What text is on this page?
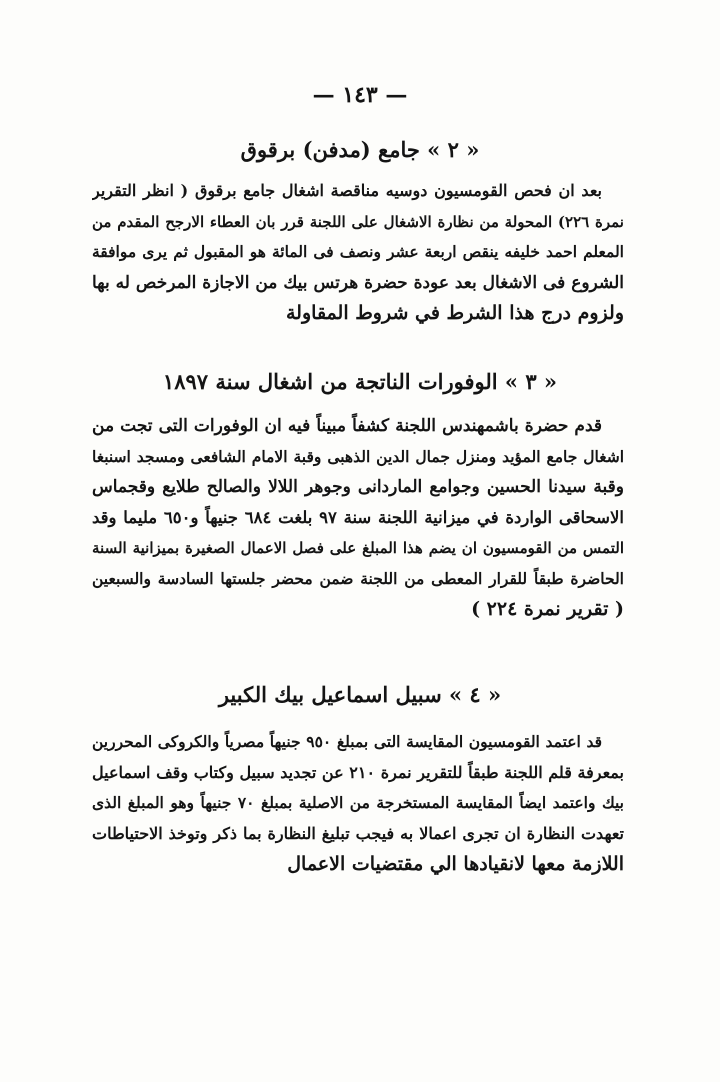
— ١٤٣ —
« ٢ » جامع (مدفن) برقوق
بعد ان فحص القومسيون دوسيه مناقصة اشغال جامع برقوق ( انظر التقرير
نمرة ٢٢٦) المحولة من نظارة الاشغال على اللجنة قرر بان العطاء الارجح المقدم من
المعلم احمد خليفه ينقص اربعة عشر ونصف فى المائة هو المقبول ثم يرى موافقة
الشروع فى الاشغال بعد عودة حضرة هرتس بيك من الاجازة المرخص له بها
ولزوم درج هذا الشرط في شروط المقاولة
« ٣ » الوفورات الناتجة من اشغال سنة ١٨٩٧
قدم حضرة باشمهندس اللجنة كشفاً مبيناً فيه ان الوفورات التى تجت من
اشغال جامع المؤيد ومنزل جمال الدين الذهبى وقبة الامام الشافعى ومسجد اسنبغا
وقبة سيدنا الحسين وجوامع الماردانى وجوهر اللالا والصالح طلايع وقجماس
الاسحاقى الواردة في ميزانية اللجنة سنة ٩٧ بلغت ٦٨٤ جنيهاً و٦٥٠ مليما وقد
التمس من القومسيون ان يضم هذا المبلغ على فصل الاعمال الصغيرة بميزانية السنة
الحاضرة طبقاً للقرار المعطى من اللجنة ضمن محضر جلستها السادسة والسبعين
( تقرير نمرة ٢٢٤ )
« ٤ » سبيل اسماعيل بيك الكبير
قد اعتمد القومسيون المقايسة التى بمبلغ ٩٥٠ جنيهاً مصرياً والكروكى المحررين
بمعرفة قلم اللجنة طبقاً للتقرير نمرة ٢١٠ عن تجديد سبيل وكتاب وقف اسماعيل
بيك واعتمد ايضاً المقايسة المستخرجة من الاصلية بمبلغ ٧٠ جنيهاً وهو المبلغ الذى
تعهدت النظارة ان تجرى اعمالا به فيجب تبليغ النظارة بما ذكر وتوخذ الاحتياطات
اللازمة معها لانقيادها الي مقتضيات الاعمال
